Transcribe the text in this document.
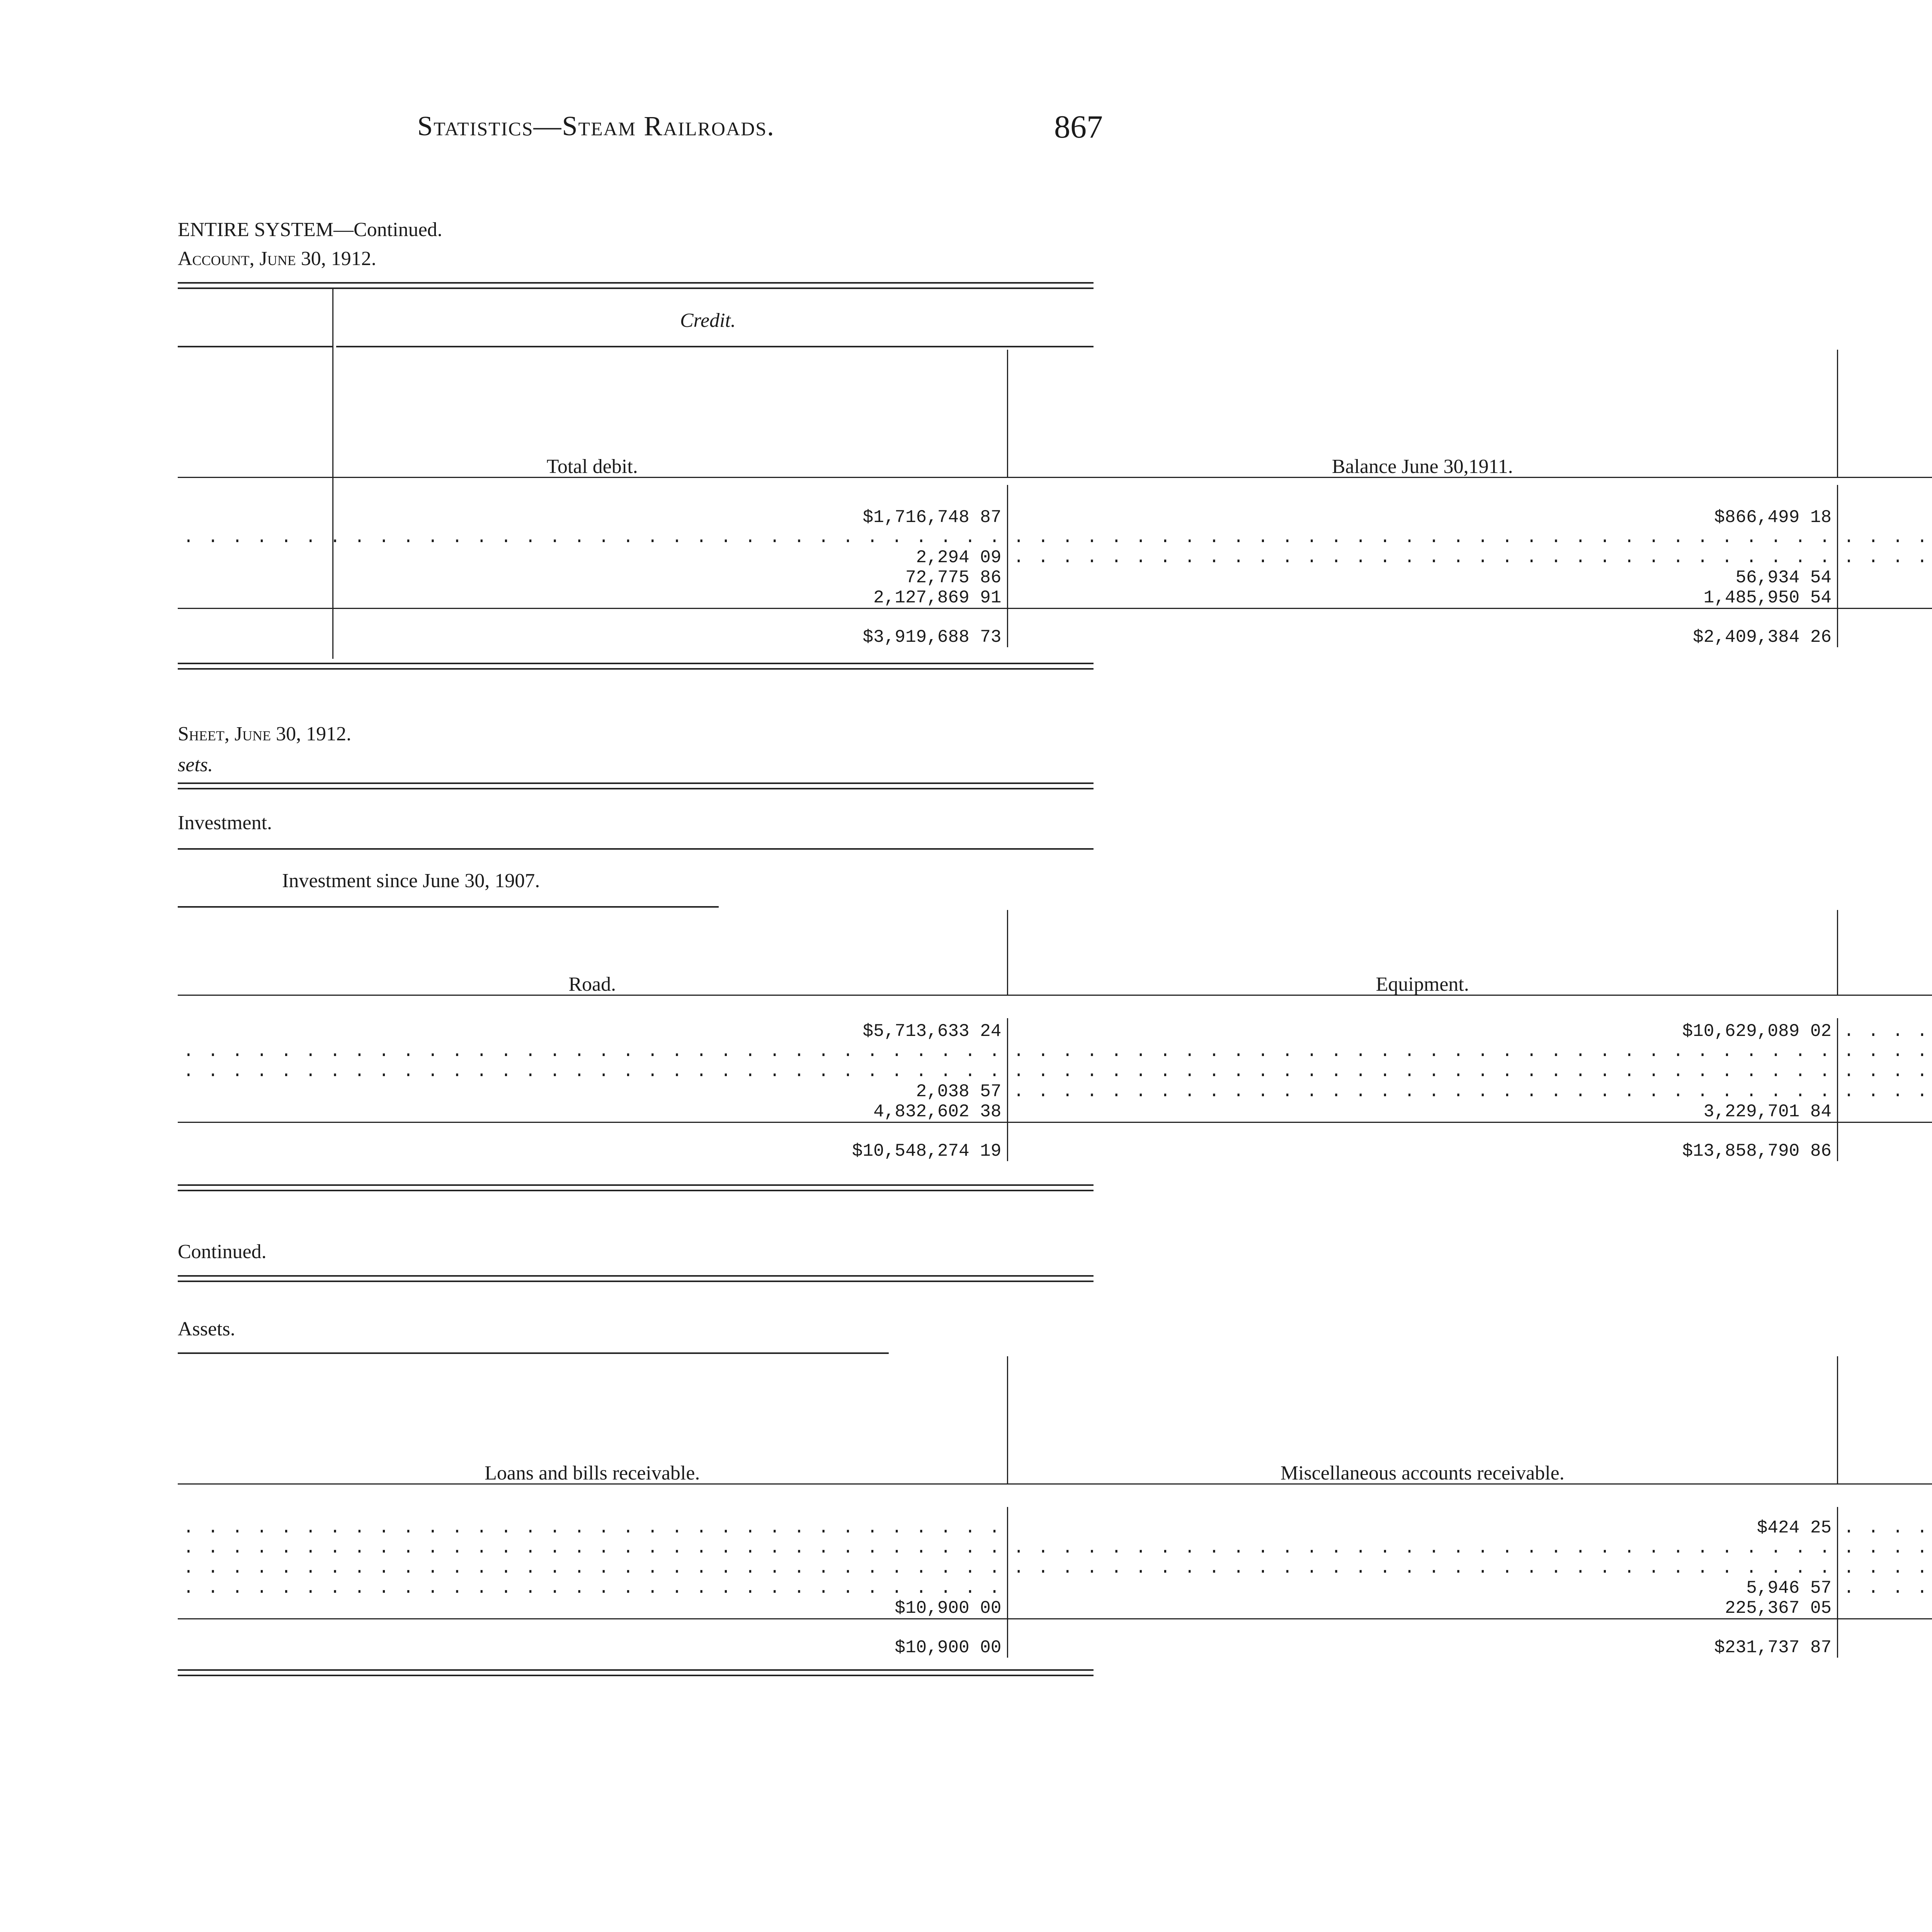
Statistics—Steam Railroads.	867
ENTIRE SYSTEM—Continued.
Account, June 30, 1912.
Credit.
Total debit.	Balance June 30,1911.				

$1,716,748 87	$866,499 18				
. . .	. . .	. . .			
2,294 09	. . .	. . .			
72,775 86	56,934 54				
2,127,869 91	1,485,950 54				
$3,919,688 73	$2,409,384 26				
Sheet, June 30, 1912.
sets.
Investment.
Investment since June 30, 1907.
Road.	Equipment.			

$5,713,633 24	$10,629,089 02	. . .		
. . .	. . .	. . .		
. . .	. . .	. . .		
2,038 57	. . .	. . .		
4,832,602 38	3,229,701 84			
$10,548,274 19	$13,858,790 86			
Continued.
Assets.
Loans and bills receivable.	Miscellaneous accounts receivable.			

. . .	$424 25	. . .		
. . .	. . .	. . .		
. . .	. . .	. . .		
. . .	5,946 57	. . .		
$10,900 00	225,367 05			
$10,900 00	$231,737 87			
